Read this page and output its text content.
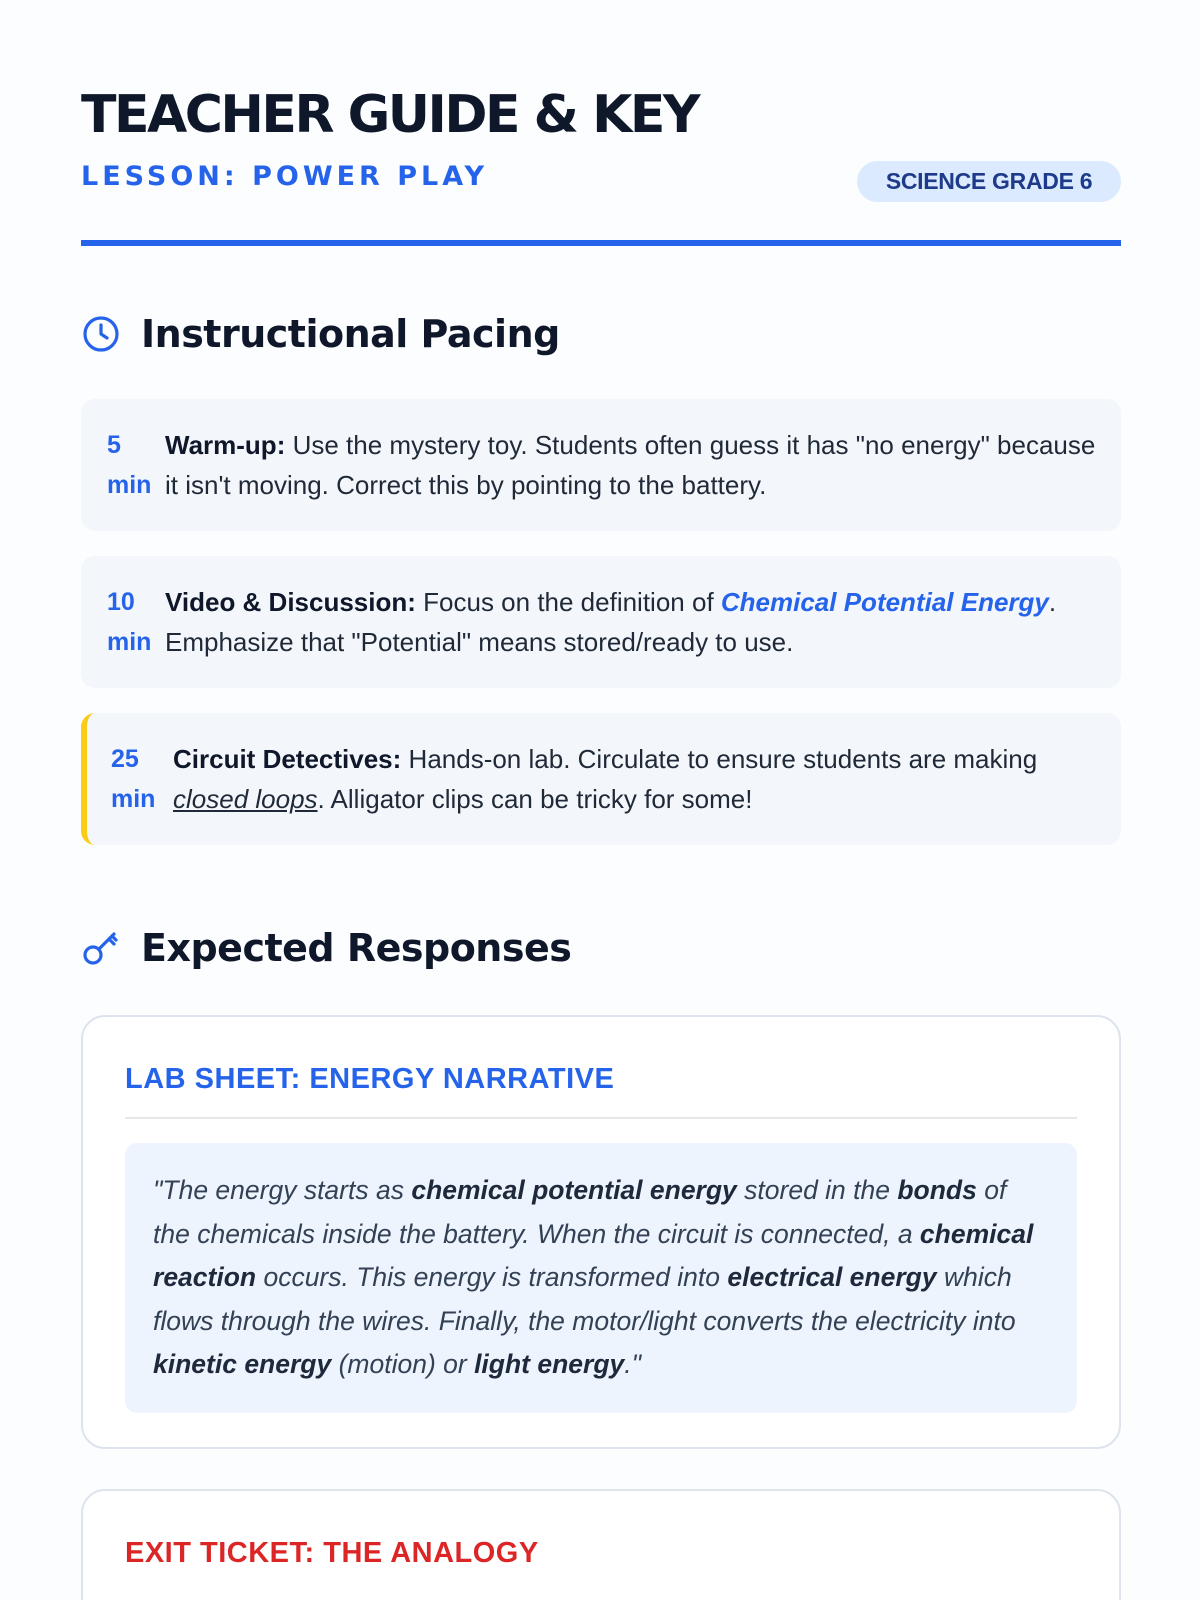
TEACHER GUIDE & KEY
LESSON: POWER PLAY	SCIENCE GRADE 6
Instructional Pacing
5
min
Warm-up: Use the mystery toy. Students often guess it has "no energy" because it isn't moving. Correct this by pointing to the battery.
10
min
Video & Discussion: Focus on the definition of Chemical Potential Energy. Emphasize that "Potential" means stored/ready to use.
25
min
Circuit Detectives: Hands-on lab. Circulate to ensure students are making closed loops. Alligator clips can be tricky for some!
Expected Responses
LAB SHEET: ENERGY NARRATIVE
"The energy starts as chemical potential energy stored in the bonds of the chemicals inside the battery. When the circuit is connected, a chemical reaction occurs. This energy is transformed into electrical energy which flows through the wires. Finally, the motor/light converts the electricity into kinetic energy (motion) or light energy."
EXIT TICKET: THE ANALOGY
